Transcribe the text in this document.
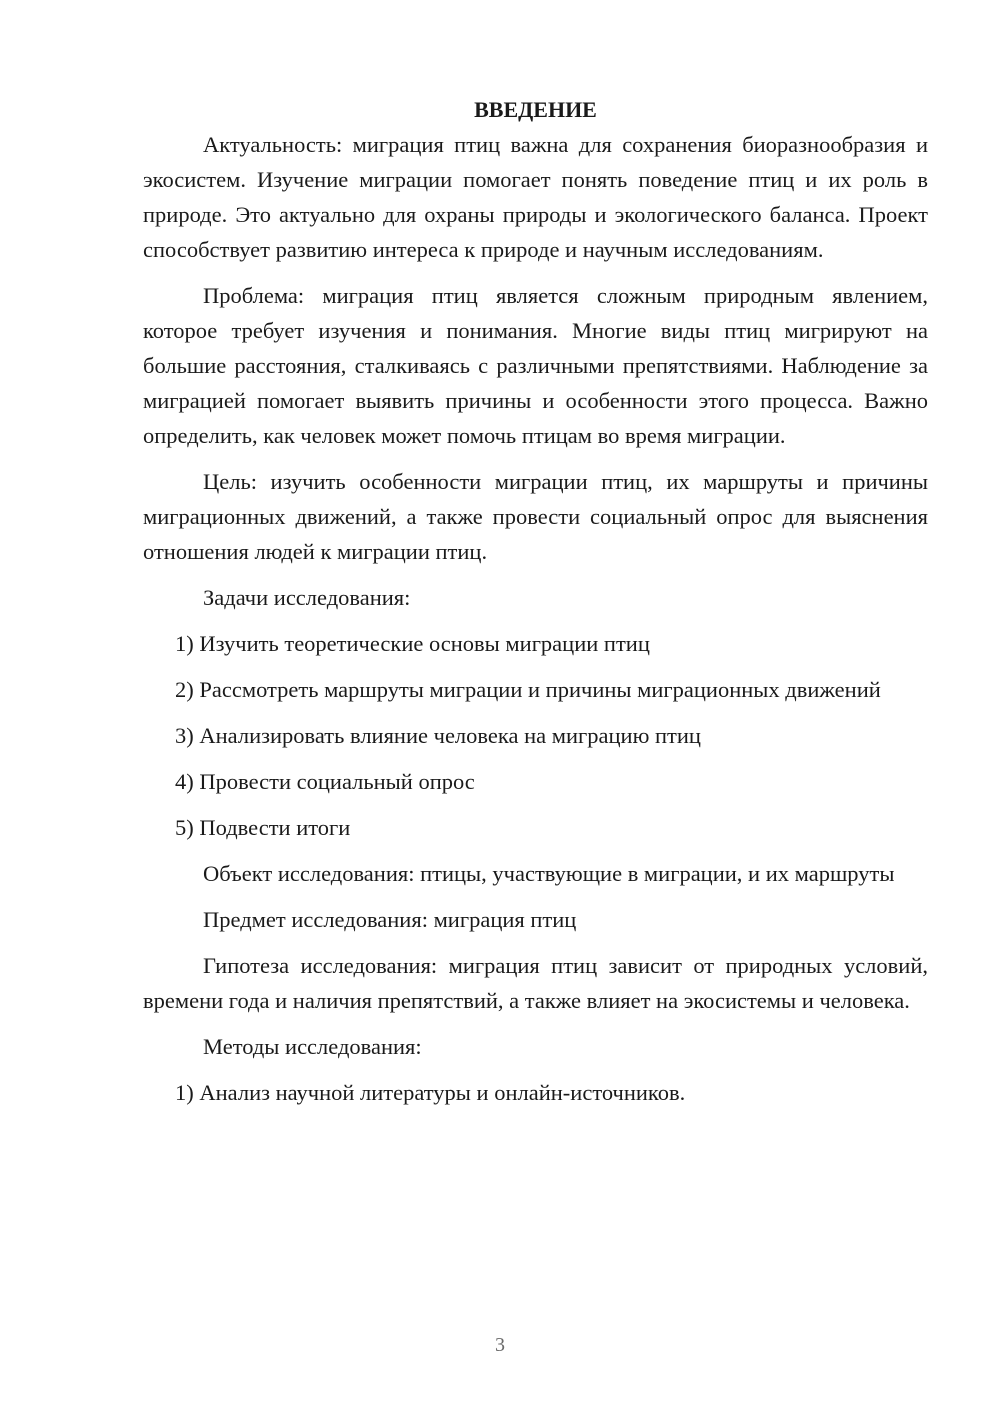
ВВЕДЕНИЕ

Актуальность: миграция птиц важна для сохранения биоразнообразия и экосистем. Изучение миграции помогает понять поведение птиц и их роль в природе. Это актуально для охраны природы и экологического баланса. Проект способствует развитию интереса к природе и научным исследованиям.

Проблема: миграция птиц является сложным природным явлением, которое требует изучения и понимания. Многие виды птиц мигрируют на большие расстояния, сталкиваясь с различными препятствиями. Наблюдение за миграцией помогает выявить причины и особенности этого процесса. Важно определить, как человек может помочь птицам во время миграции.

Цель: изучить особенности миграции птиц, их маршруты и причины миграционных движений, а также провести социальный опрос для выяснения отношения людей к миграции птиц.

Задачи исследования:

1) Изучить теоретические основы миграции птиц

2) Рассмотреть маршруты миграции и причины миграционных движений

3) Анализировать влияние человека на миграцию птиц

4) Провести социальный опрос

5) Подвести итоги

Объект исследования: птицы, участвующие в миграции, и их маршруты

Предмет исследования: миграция птиц

Гипотеза исследования: миграция птиц зависит от природных условий, времени года и наличия препятствий, а также влияет на экосистемы и человека.

Методы исследования:

1) Анализ научной литературы и онлайн-источников.

3
